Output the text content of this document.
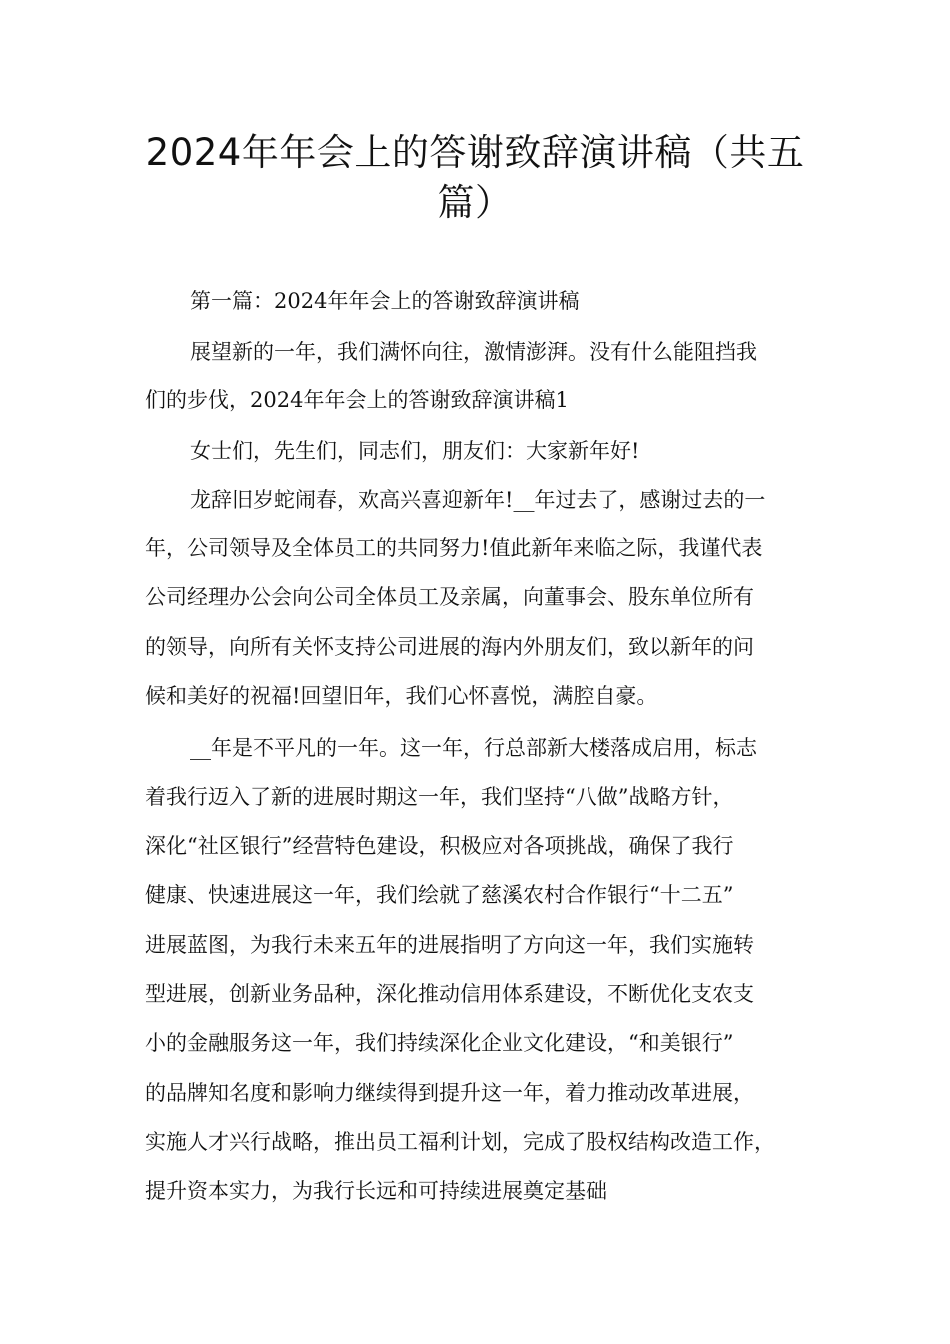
2024年年会上的答谢致辞演讲稿（共五
篇）
第一篇：2024年年会上的答谢致辞演讲稿
展望新的一年，我们满怀向往，激情澎湃。没有什么能阻挡我
们的步伐，2024年年会上的答谢致辞演讲稿1
女士们，先生们，同志们，朋友们：大家新年好!
龙辞旧岁蛇闹春，欢高兴喜迎新年!__年过去了，感谢过去的一
年，公司领导及全体员工的共同努力!值此新年来临之际，我谨代表
公司经理办公会向公司全体员工及亲属，向董事会、股东单位所有
的领导，向所有关怀支持公司进展的海内外朋友们，致以新年的问
候和美好的祝福!回望旧年，我们心怀喜悦，满腔自豪。
__年是不平凡的一年。这一年，行总部新大楼落成启用，标志
着我行迈入了新的进展时期这一年，我们坚持“八做”战略方针，
深化“社区银行”经营特色建设，积极应对各项挑战，确保了我行
健康、快速进展这一年，我们绘就了慈溪农村合作银行“十二五”
进展蓝图，为我行未来五年的进展指明了方向这一年，我们实施转
型进展，创新业务品种，深化推动信用体系建设，不断优化支农支
小的金融服务这一年，我们持续深化企业文化建设，“和美银行”
的品牌知名度和影响力继续得到提升这一年，着力推动改革进展，
实施人才兴行战略，推出员工福利计划，完成了股权结构改造工作，
提升资本实力，为我行长远和可持续进展奠定基础
